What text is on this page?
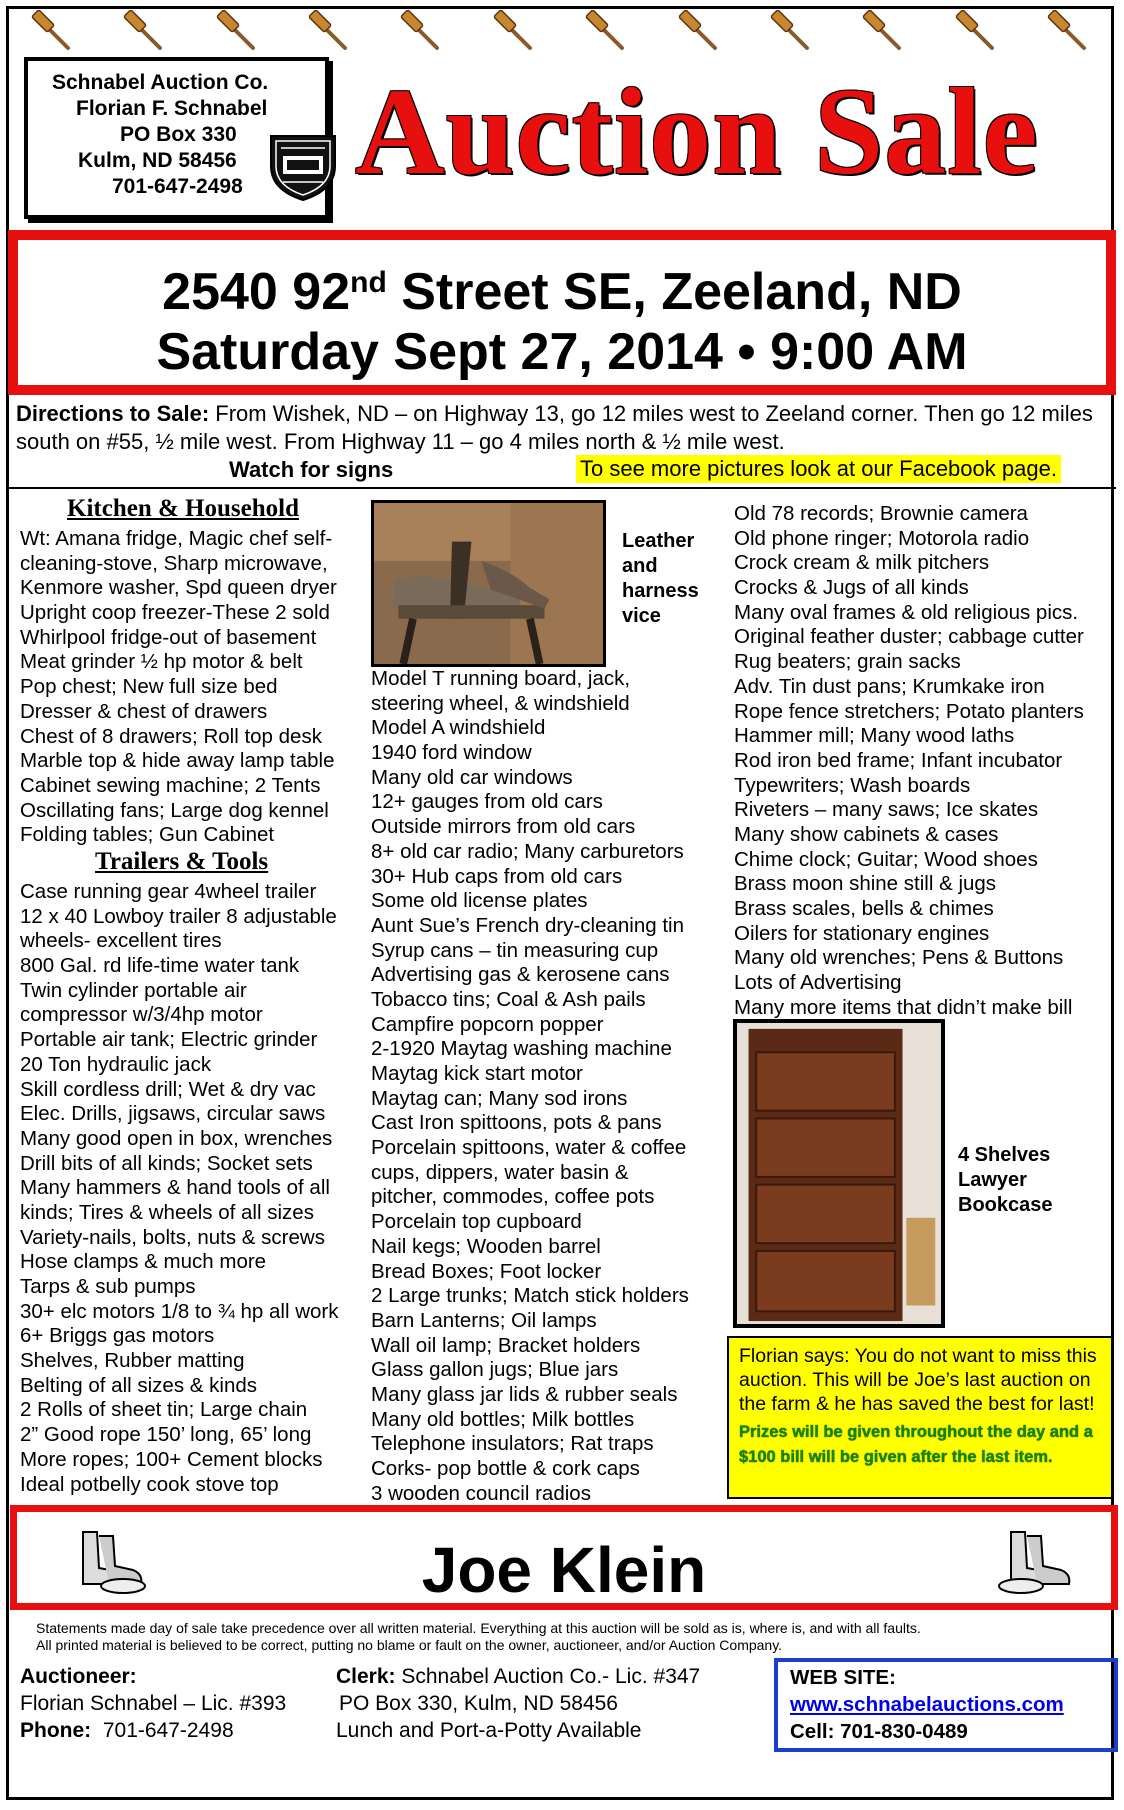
Schnabel Auction Co.
Florian F. Schnabel
PO Box 330
Kulm, ND 58456
701-647-2498 Auction Sale
2540 92nd Street SE, Zeeland, ND
Saturday Sept 27, 2014 • 9:00 AM
Directions to Sale: From Wishek, ND – on Highway 13, go 12 miles west to Zeeland corner. Then go 12 miles south on #55, ½ mile west. From Highway 11 – go 4 miles north & ½ mile west.
Watch for signs	To see more pictures look at our Facebook page.
Kitchen & Household
Wt: Amana fridge, Magic chef self-
cleaning-stove, Sharp microwave,
Kenmore washer, Spd queen dryer
Upright coop freezer-These 2 sold
Whirlpool fridge-out of basement
Meat grinder ½ hp motor & belt
Pop chest; New full size bed
Dresser & chest of drawers
Chest of 8 drawers; Roll top desk
Marble top & hide away lamp table
Cabinet sewing machine; 2 Tents
Oscillating fans; Large dog kennel
Folding tables; Gun Cabinet
Trailers & Tools
Case running gear 4wheel trailer
12 x 40 Lowboy trailer 8 adjustable
wheels- excellent tires
800 Gal. rd life-time water tank
Twin cylinder portable air
compressor w/3/4hp motor
Portable air tank; Electric grinder
20 Ton hydraulic jack
Skill cordless drill; Wet & dry vac
Elec. Drills, jigsaws, circular saws
Many good open in box, wrenches
Drill bits of all kinds; Socket sets
Many hammers & hand tools of all
kinds; Tires & wheels of all sizes
Variety-nails, bolts, nuts & screws
Hose clamps & much more
Tarps & sub pumps
30+ elc motors 1/8 to ¾ hp all work
6+ Briggs gas motors
Shelves, Rubber matting
Belting of all sizes & kinds
2 Rolls of sheet tin; Large chain
2” Good rope 150’ long, 65’ long
More ropes; 100+ Cement blocks
Ideal potbelly cook stove top
Leather
and
harness
vice
Model T running board, jack,
steering wheel, & windshield
Model A windshield
1940 ford window
Many old car windows
12+ gauges from old cars
Outside mirrors from old cars
8+ old car radio; Many carburetors
30+ Hub caps from old cars
Some old license plates
Aunt Sue’s French dry-cleaning tin
Syrup cans – tin measuring cup
Advertising gas & kerosene cans
Tobacco tins; Coal & Ash pails
Campfire popcorn popper
2-1920 Maytag washing machine
Maytag kick start motor
Maytag can; Many sod irons
Cast Iron spittoons, pots & pans
Porcelain spittoons, water & coffee
cups, dippers, water basin &
pitcher, commodes, coffee pots
Porcelain top cupboard
Nail kegs; Wooden barrel
Bread Boxes; Foot locker
2 Large trunks; Match stick holders
Barn Lanterns; Oil lamps
Wall oil lamp; Bracket holders
Glass gallon jugs; Blue jars
Many glass jar lids & rubber seals
Many old bottles; Milk bottles
Telephone insulators; Rat traps
Corks- pop bottle & cork caps
3 wooden council radios
Old 78 records; Brownie camera
Old phone ringer; Motorola radio
Crock cream & milk pitchers
Crocks & Jugs of all kinds
Many oval frames & old religious pics.
Original feather duster; cabbage cutter
Rug beaters; grain sacks
Adv. Tin dust pans; Krumkake iron
Rope fence stretchers; Potato planters
Hammer mill; Many wood laths
Rod iron bed frame; Infant incubator
Typewriters; Wash boards
Riveters – many saws; Ice skates
Many show cabinets & cases
Chime clock; Guitar; Wood shoes
Brass moon shine still & jugs
Brass scales, bells & chimes
Oilers for stationary engines
Many old wrenches; Pens & Buttons
Lots of Advertising
Many more items that didn’t make bill
4 Shelves
Lawyer
Bookcase
Florian says: You do not want to miss this auction. This will be Joe’s last auction on the farm & he has saved the best for last!
Prizes will be given throughout the day and a $100 bill will be given after the last item.
Joe Klein
Statements made day of sale take precedence over all written material. Everything at this auction will be sold as is, where is, and with all faults.
All printed material is believed to be correct, putting no blame or fault on the owner, auctioneer, and/or Auction Company.
Auctioneer:
Florian Schnabel – Lic. #393
Phone: 701-647-2498
Clerk: Schnabel Auction Co.- Lic. #347
PO Box 330, Kulm, ND 58456
Lunch and Port-a-Potty Available
WEB SITE:
www.schnabelauctions.com
Cell: 701-830-0489
